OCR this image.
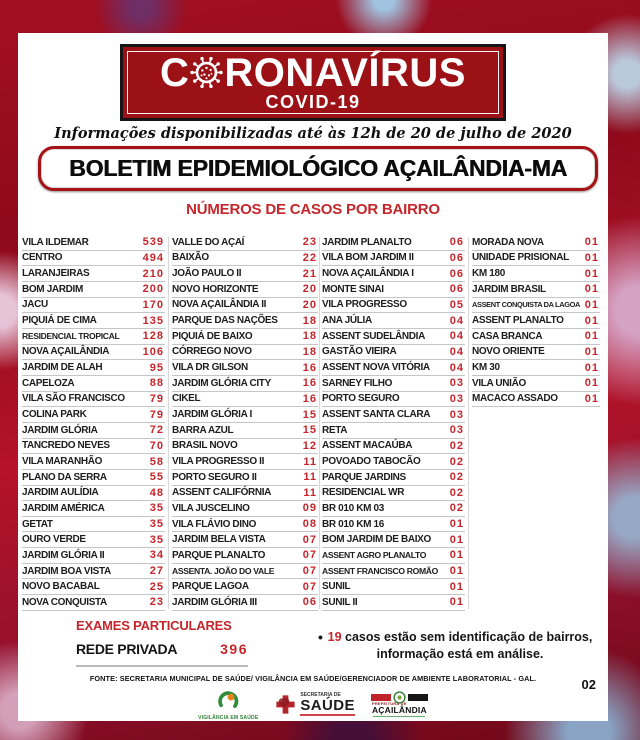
C RONAVÍRUS
COVID-19
Informações disponibilizadas até às 12h de 20 de julho de 2020
BOLETIM EPIDEMIOLÓGICO AÇAILÂNDIA-MA
NÚMEROS DE CASOS POR BAIRRO
VILA ILDEMAR	539
CENTRO	494
LARANJEIRAS	210
BOM JARDIM	200
JACU	170
PIQUIÁ DE CIMA	135
RESIDENCIAL TROPICAL 128
NOVA AÇAILÂNDIA	106
JARDIM DE ALAH	95
CAPELOZA	88
VILA SÃO FRANCISCO 79
COLINA PARK	79
JARDIM GLÓRIA	72
TANCREDO NEVES	70
VILA MARANHÃO	58
PLANO DA SERRA	55
JARDIM AULÍDIA	48
JARDIM AMÉRICA	35
GETAT	35
OURO VERDE	35
JARDIM GLÓRIA II	34
JARDIM BOA VISTA	27
NOVO BACABAL	25
NOVA CONQUISTA	23
VALLE DO AÇAÍ	23
BAIXÃO	22
JOÃO PAULO II	21
NOVO HORIZONTE	20
NOVA AÇAILÂNDIA II	20
PARQUE DAS NAÇÕES 18
PIQUIÁ DE BAIXO	18
CÓRREGO NOVO	18
VILA DR GILSON	16
JARDIM GLÓRIA CITY	16
CIKEL	16
JARDIM GLÓRIA I	15
BARRA AZUL	15
BRASIL NOVO	12
VILA PROGRESSO II	11
PORTO SEGURO II	11
ASSENT CALIFÓRNIA	11
VILA JUSCELINO	09
VILA FLÁVIO DINO	08
JARDIM BELA VISTA	07
PARQUE PLANALTO	07
ASSENTA. JOÃO DO VALE	07
PARQUE LAGOA	07
JARDIM GLÓRIA III	06
JARDIM PLANALTO	06
VILA BOM JARDIM II	06
NOVA AÇAILÂNDIA I	06
MONTE SINAI	06
VILA PROGRESSO	05
ANA JÚLIA	04
ASSENT SUDELÂNDIA 04
GASTÃO VIEIRA	04
ASSENT NOVA VITÓRIA 04
SARNEY FILHO	03
PORTO SEGURO	03
ASSENT SANTA CLARA 03
RETA	03
ASSENT MACAÚBA	02
POVOADO TABOCÃO	02
PARQUE JARDINS	02
RESIDENCIAL WR	02
BR 010 KM 03	02
BR 010 KM 16	01
BOM JARDIM DE BAIXO 01
ASSENT AGRO PLANALTO 01
ASSENT FRANCISCO ROMÃO 01
SUNIL	01
SUNIL II	01
MORADA NOVA	01
UNIDADE PRISIONAL 01
KM 180	01
JARDIM BRASIL	01
ASSENT CONQUISTA DA LAGOA 01
ASSENT PLANALTO 01
CASA BRANCA	01
NOVO ORIENTE	01
KM 30	01
VILA UNIÃO	01
MACACO ASSADO 01
EXAMES PARTICULARES
REDE PRIVADA	396
• 19 casos estão sem identificação de bairros, informação está em análise.
FONTE: SECRETARIA MUNICIPAL DE SAÚDE/ VIGILÂNCIA EM SAÚDE/GERENCIADOR DE AMBIENTE LABORATORIAL - GAL.	02
VIGILÂNCIA EM SAÚDE
SECRETARIA DE
SAÚDE	PREFEITURA DE
AÇAILÂNDIA
